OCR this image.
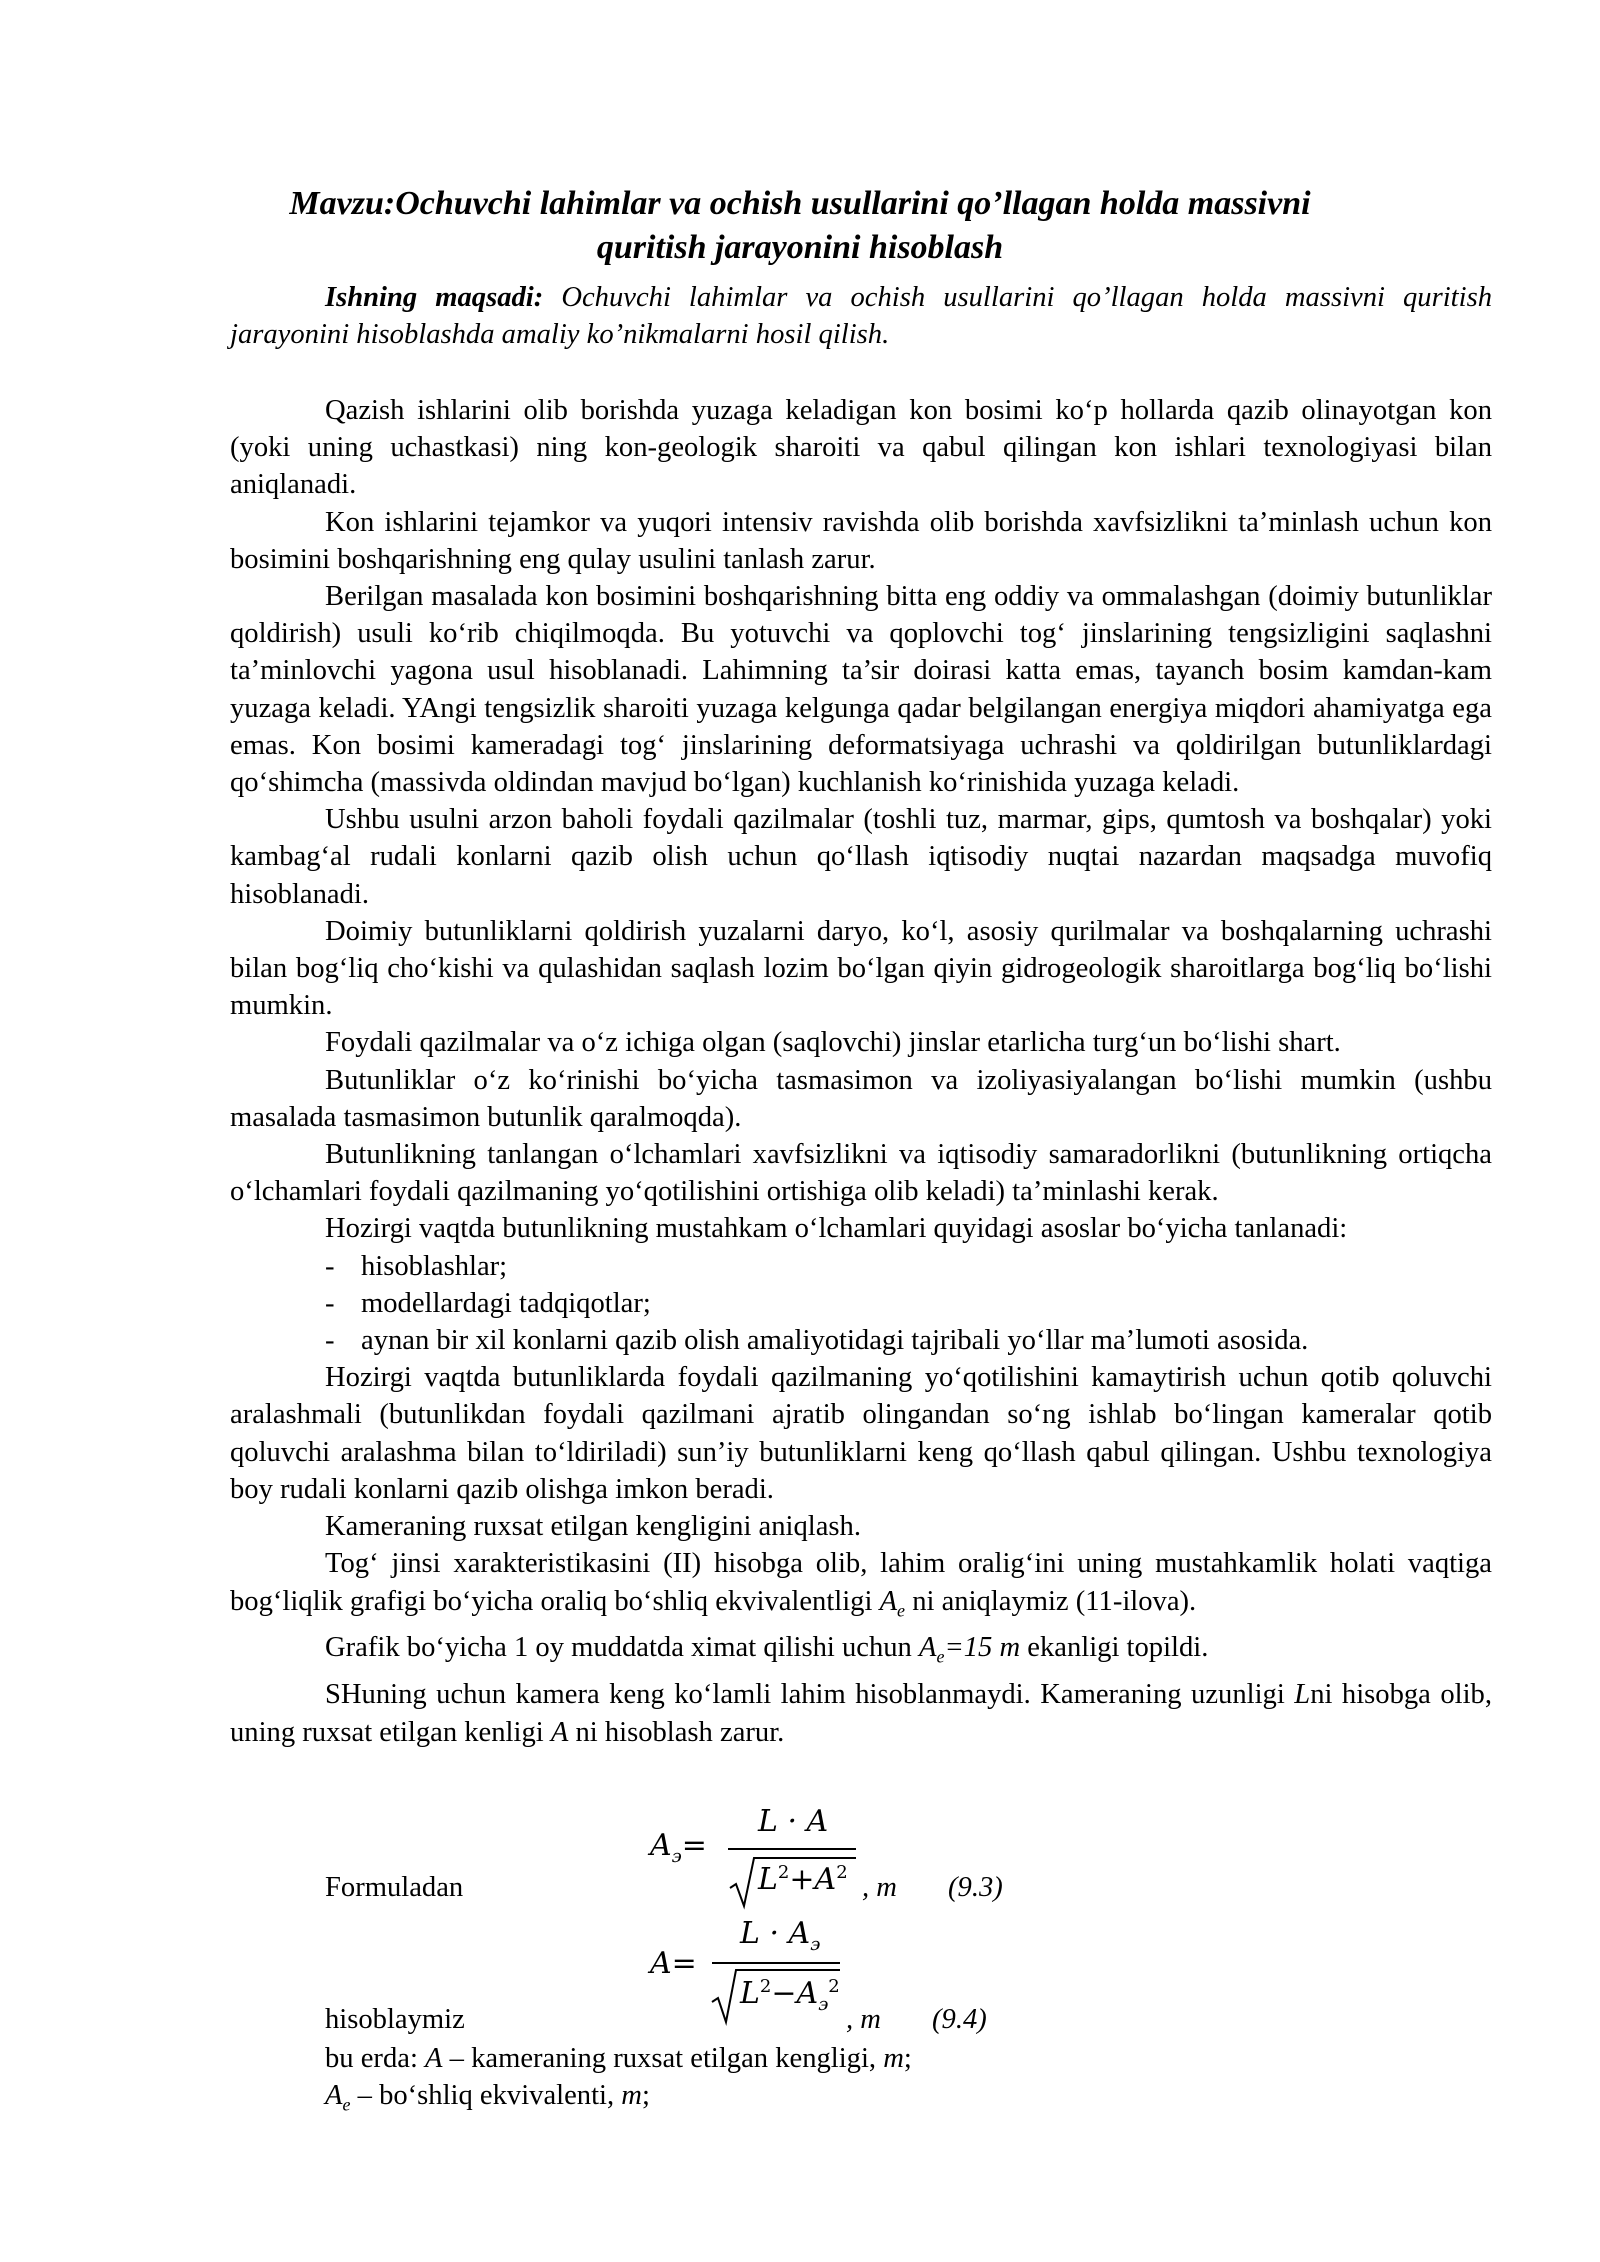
Mavzu:Ochuvchi lahimlar va ochish usullarini qo’llagan holda massivni
quritish jarayonini hisoblash

Ishning maqsadi: Ochuvchi lahimlar va ochish usullarini qo’llagan holda massivni quritish jarayonini hisoblashda amaliy ko’nikmalarni hosil qilish.

Qazish ishlarini olib borishda yuzaga keladigan kon bosimi ko‘p hollarda qazib olinayotgan kon (yoki uning uchastkasi) ning kon-geologik sharoiti va qabul qilingan kon ishlari texnologiyasi bilan aniqlanadi.

Kon ishlarini tejamkor va yuqori intensiv ravishda olib borishda xavfsizlikni ta’minlash uchun kon bosimini boshqarishning eng qulay usulini tanlash zarur.

Berilgan masalada kon bosimini boshqarishning bitta eng oddiy va ommalashgan (doimiy butunliklar qoldirish) usuli ko‘rib chiqilmoqda. Bu yotuvchi va qoplovchi tog‘ jinslarining tengsizligini saqlashni ta’minlovchi yagona usul hisoblanadi. Lahimning ta’sir doirasi katta emas, tayanch bosim kamdan-kam yuzaga keladi. YAngi tengsizlik sharoiti yuzaga kelgunga qadar belgilangan energiya miqdori ahamiyatga ega emas. Kon bosimi kameradagi tog‘ jinslarining deformatsiyaga uchrashi va qoldirilgan butunliklardagi qo‘shimcha (massivda oldindan mavjud bo‘lgan) kuchlanish ko‘rinishida yuzaga keladi.

Ushbu usulni arzon baholi foydali qazilmalar (toshli tuz, marmar, gips, qumtosh va boshqalar) yoki kambag‘al rudali konlarni qazib olish uchun qo‘llash iqtisodiy nuqtai nazardan maqsadga muvofiq hisoblanadi.

Doimiy butunliklarni qoldirish yuzalarni daryo, ko‘l, asosiy qurilmalar va boshqalarning uchrashi bilan bog‘liq cho‘kishi va qulashidan saqlash lozim bo‘lgan qiyin gidrogeologik sharoitlarga bog‘liq bo‘lishi mumkin.

Foydali qazilmalar va o‘z ichiga olgan (saqlovchi) jinslar etarlicha turg‘un bo‘lishi shart.

Butunliklar o‘z ko‘rinishi bo‘yicha tasmasimon va izoliyasiyalangan bo‘lishi mumkin (ushbu masalada tasmasimon butunlik qaralmoqda).

Butunlikning tanlangan o‘lchamlari xavfsizlikni va iqtisodiy samaradorlikni (butunlikning ortiqcha o‘lchamlari foydali qazilmaning yo‘qotilishini ortishiga olib keladi) ta’minlashi kerak.

Hozirgi vaqtda butunlikning mustahkam o‘lchamlari quyidagi asoslar bo‘yicha tanlanadi:

- hisoblashlar;
- modellardagi tadqiqotlar;
- aynan bir xil konlarni qazib olish amaliyotidagi tajribali yo‘llar ma’lumoti asosida.

Hozirgi vaqtda butunliklarda foydali qazilmaning yo‘qotilishini kamaytirish uchun qotib qoluvchi aralashmali (butunlikdan foydali qazilmani ajratib olingandan so‘ng ishlab bo‘lingan kameralar qotib qoluvchi aralashma bilan to‘ldiriladi) sun’iy butunliklarni keng qo‘llash qabul qilingan. Ushbu texnologiya boy rudali konlarni qazib olishga imkon beradi.

Kameraning ruxsat etilgan kengligini aniqlash.

Tog‘ jinsi xarakteristikasini (II) hisobga olib, lahim oralig‘ini uning mustahkamlik holati vaqtiga bog‘liqlik grafigi bo‘yicha oraliq bo‘shliq ekvivalentligi $A_e$ ni aniqlaymiz (11-ilova).

Grafik bo‘yicha 1 oy muddatda ximat qilishi uchun $A_e=15$ m ekanligi topildi.

SHuning uchun kamera keng ko‘lamli lahim hisoblanmaydi. Kameraning uzunligi Lni hisobga olib, uning ruxsat etilgan kenligi A ni hisoblash zarur.

Formuladan
$A_э=$
L · A
$L^2+A^2$ , m (9.3)
hisoblaymiz
A=
$L \cdot A_э$
$L^2-A_э^2$
, m (9.4)
bu erda: A – kameraning ruxsat etilgan kengligi, m;
$A_e$ – bo‘shliq ekvivalenti, m;
